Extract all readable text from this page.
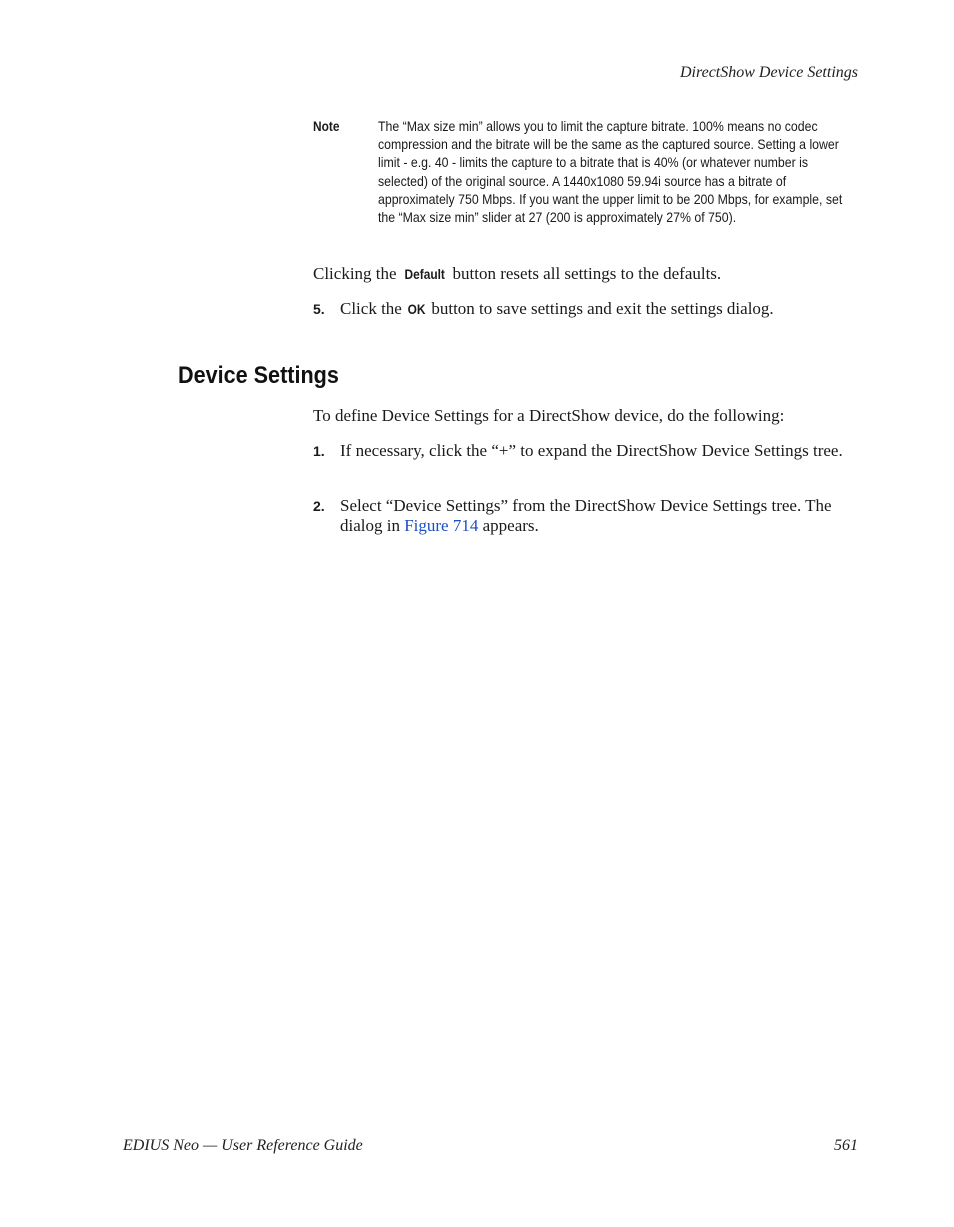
DirectShow Device Settings
Note	The “Max size min” allows you to limit the capture bitrate. 100% means no codec compression and the bitrate will be the same as the captured source. Setting a lower limit - e.g. 40 - limits the capture to a bitrate that is 40% (or whatever number is selected) of the original source. A 1440x1080 59.94i source has a bitrate of approximately 750 Mbps. If you want the upper limit to be 200 Mbps, for example, set the “Max size min” slider at 27 (200 is approximately 27% of 750).
Clicking the Default button resets all settings to the defaults.
5. Click the OK button to save settings and exit the settings dialog.
Device Settings
To define Device Settings for a DirectShow device, do the following:
1. If necessary, click the “+” to expand the DirectShow Device Settings tree.
2. Select “Device Settings” from the DirectShow Device Settings tree. The dialog in Figure 714 appears.
EDIUS Neo — User Reference Guide	561
